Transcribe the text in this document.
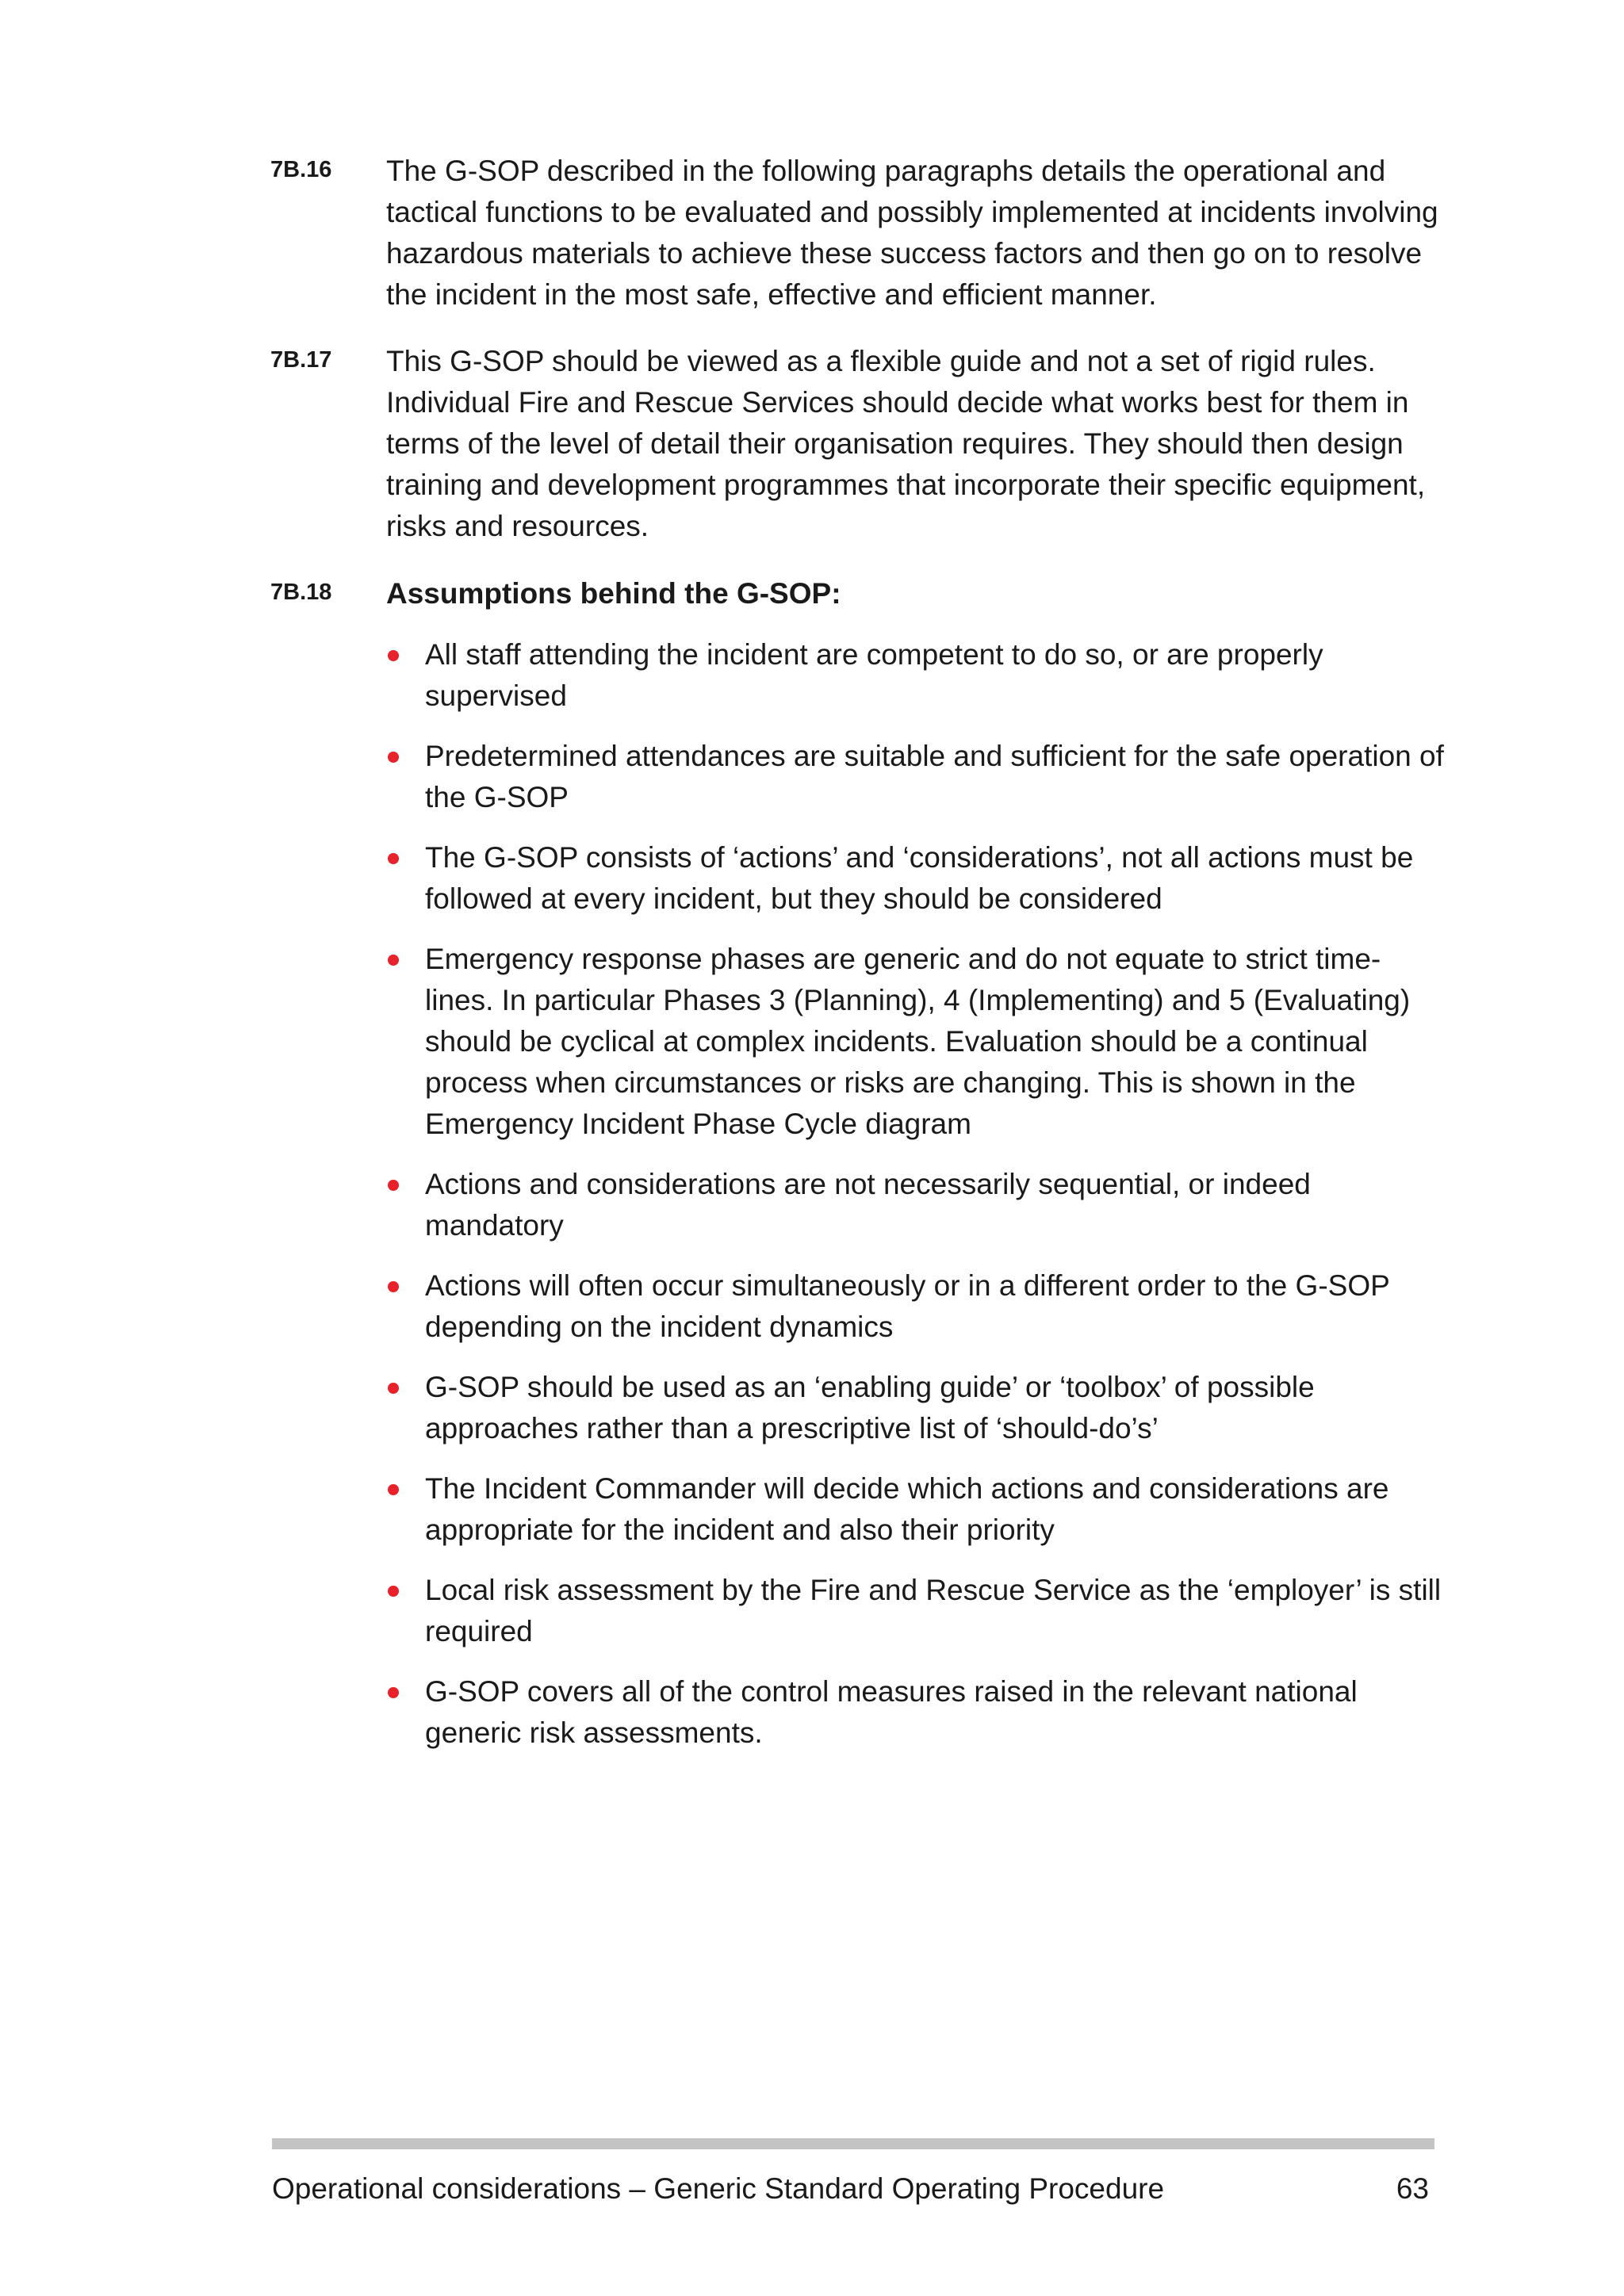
7B.16	The G-SOP described in the following paragraphs details the operational and tactical functions to be evaluated and possibly implemented at incidents involving hazardous materials to achieve these success factors and then go on to resolve the incident in the most safe, effective and efficient manner.

7B.17	This G-SOP should be viewed as a flexible guide and not a set of rigid rules. Individual Fire and Rescue Services should decide what works best for them in terms of the level of detail their organisation requires. They should then design training and development programmes that incorporate their specific equipment, risks and resources.

7B.18	Assumptions behind the G-SOP:

All staff attending the incident are competent to do so, or are properly supervised
Predetermined attendances are suitable and sufficient for the safe operation of the G-SOP
The G-SOP consists of ‘actions’ and ‘considerations’, not all actions must be followed at every incident, but they should be considered
Emergency response phases are generic and do not equate to strict time-lines. In particular Phases 3 (Planning), 4 (Implementing) and 5 (Evaluating) should be cyclical at complex incidents. Evaluation should be a continual process when circumstances or risks are changing. This is shown in the Emergency Incident Phase Cycle diagram
Actions and considerations are not necessarily sequential, or indeed mandatory
Actions will often occur simultaneously or in a different order to the G-SOP depending on the incident dynamics
G-SOP should be used as an ‘enabling guide’ or ‘toolbox’ of possible approaches rather than a prescriptive list of ‘should-do’s’
The Incident Commander will decide which actions and considerations are appropriate for the incident and also their priority
Local risk assessment by the Fire and Rescue Service as the ‘employer’ is still required
G-SOP covers all of the control measures raised in the relevant national generic risk assessments.
Operational considerations – Generic Standard Operating Procedure	63
